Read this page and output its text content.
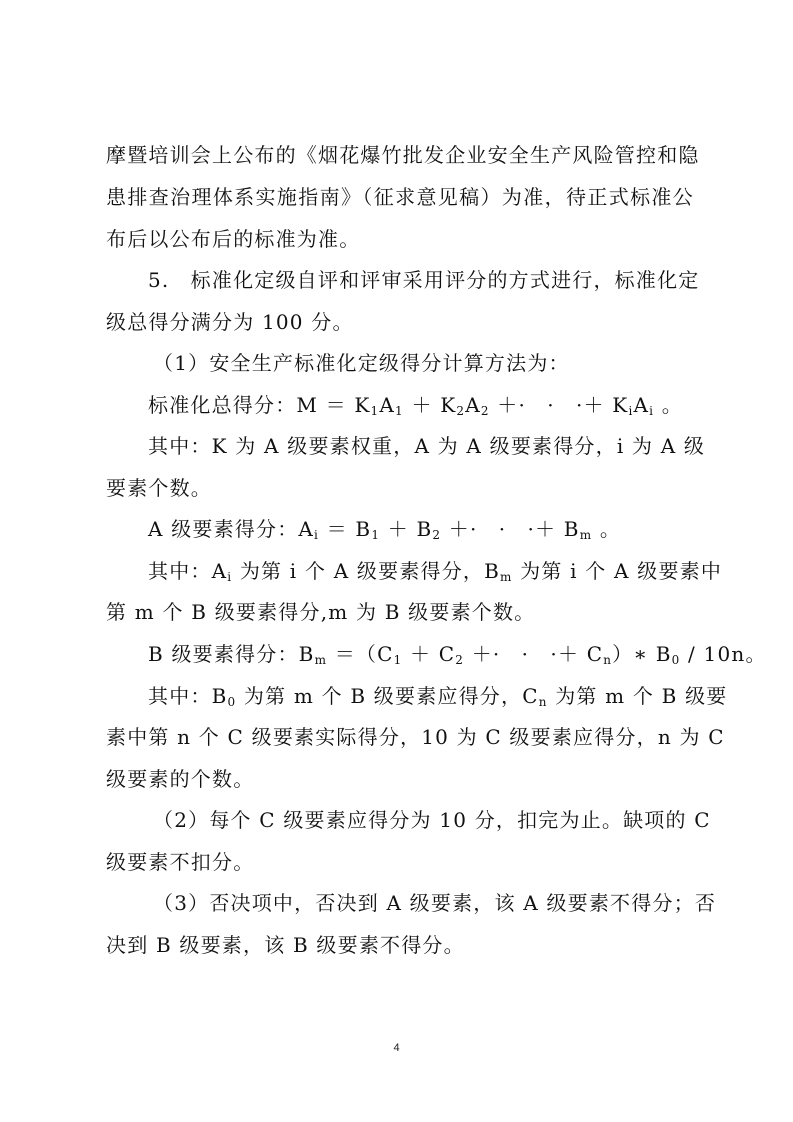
摩暨培训会上公布的《烟花爆竹批发企业安全生产风险管控和隐
患排查治理体系实施指南》（征求意见稿）为准，待正式标准公
布后以公布后的标准为准。
5.　标准化定级自评和评审采用评分的方式进行，标准化定
级总得分满分为 100 分。
（1）安全生产标准化定级得分计算方法为：
标准化总得分：$M = K_1A_1 + K_2A_2$ ＋·　·　·＋ $K_iA_i$ 。
其中：K 为 A 级要素权重，A 为 A 级要素得分，i 为 A 级
要素个数。
A 级要素得分：$A_i = B_1 + B_2$ ＋·　·　·＋ $B_m$ 。
其中：$A_i$ 为第 i 个 A 级要素得分，$B_m$ 为第 i 个 A 级要素中
第 m 个 B 级要素得分,m 为 B 级要素个数。
B 级要素得分：$B_m =(C_1 + C_2$ ＋·　·　·＋ $C_n)∗$ $B_0 / 10n$。
其中：$B_0$ 为第 m 个 B 级要素应得分，$C_n$ 为第 m 个 B 级要
素中第 n 个 C 级要素实际得分，10 为 C 级要素应得分，n 为 C
级要素的个数。
（2）每个 C 级要素应得分为 10 分，扣完为止。缺项的 C
级要素不扣分。
（3）否决项中，否决到 A 级要素，该 A 级要素不得分；否
决到 B 级要素，该 B 级要素不得分。
4
